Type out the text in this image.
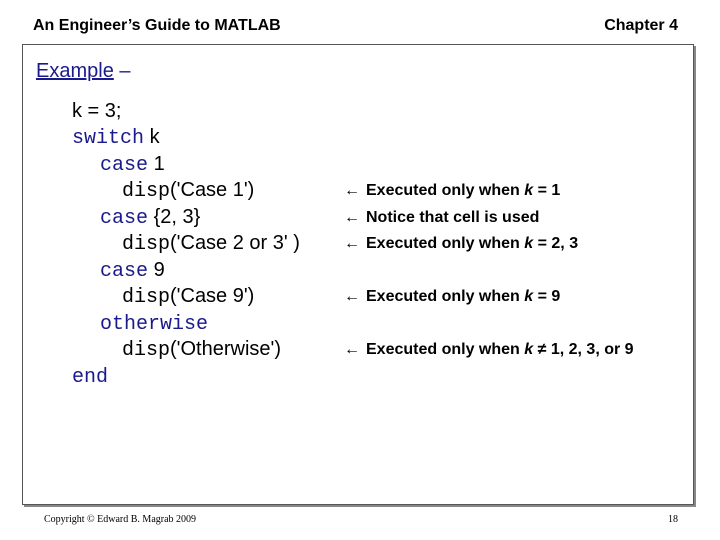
An Engineer’s Guide to MATLAB	Chapter 4
Example –
k = 3;
switch k
case 1
disp('Case 1')
case {2, 3}
disp('Case 2 or 3' )
case 9
disp('Case 9')
otherwise
disp('Otherwise')
end
← Executed only when k = 1
← Notice that cell is used
← Executed only when k = 2, 3
← Executed only when k = 9
← Executed only when k ≠ 1, 2, 3, or 9
Copyright © Edward B. Magrab 2009	18
